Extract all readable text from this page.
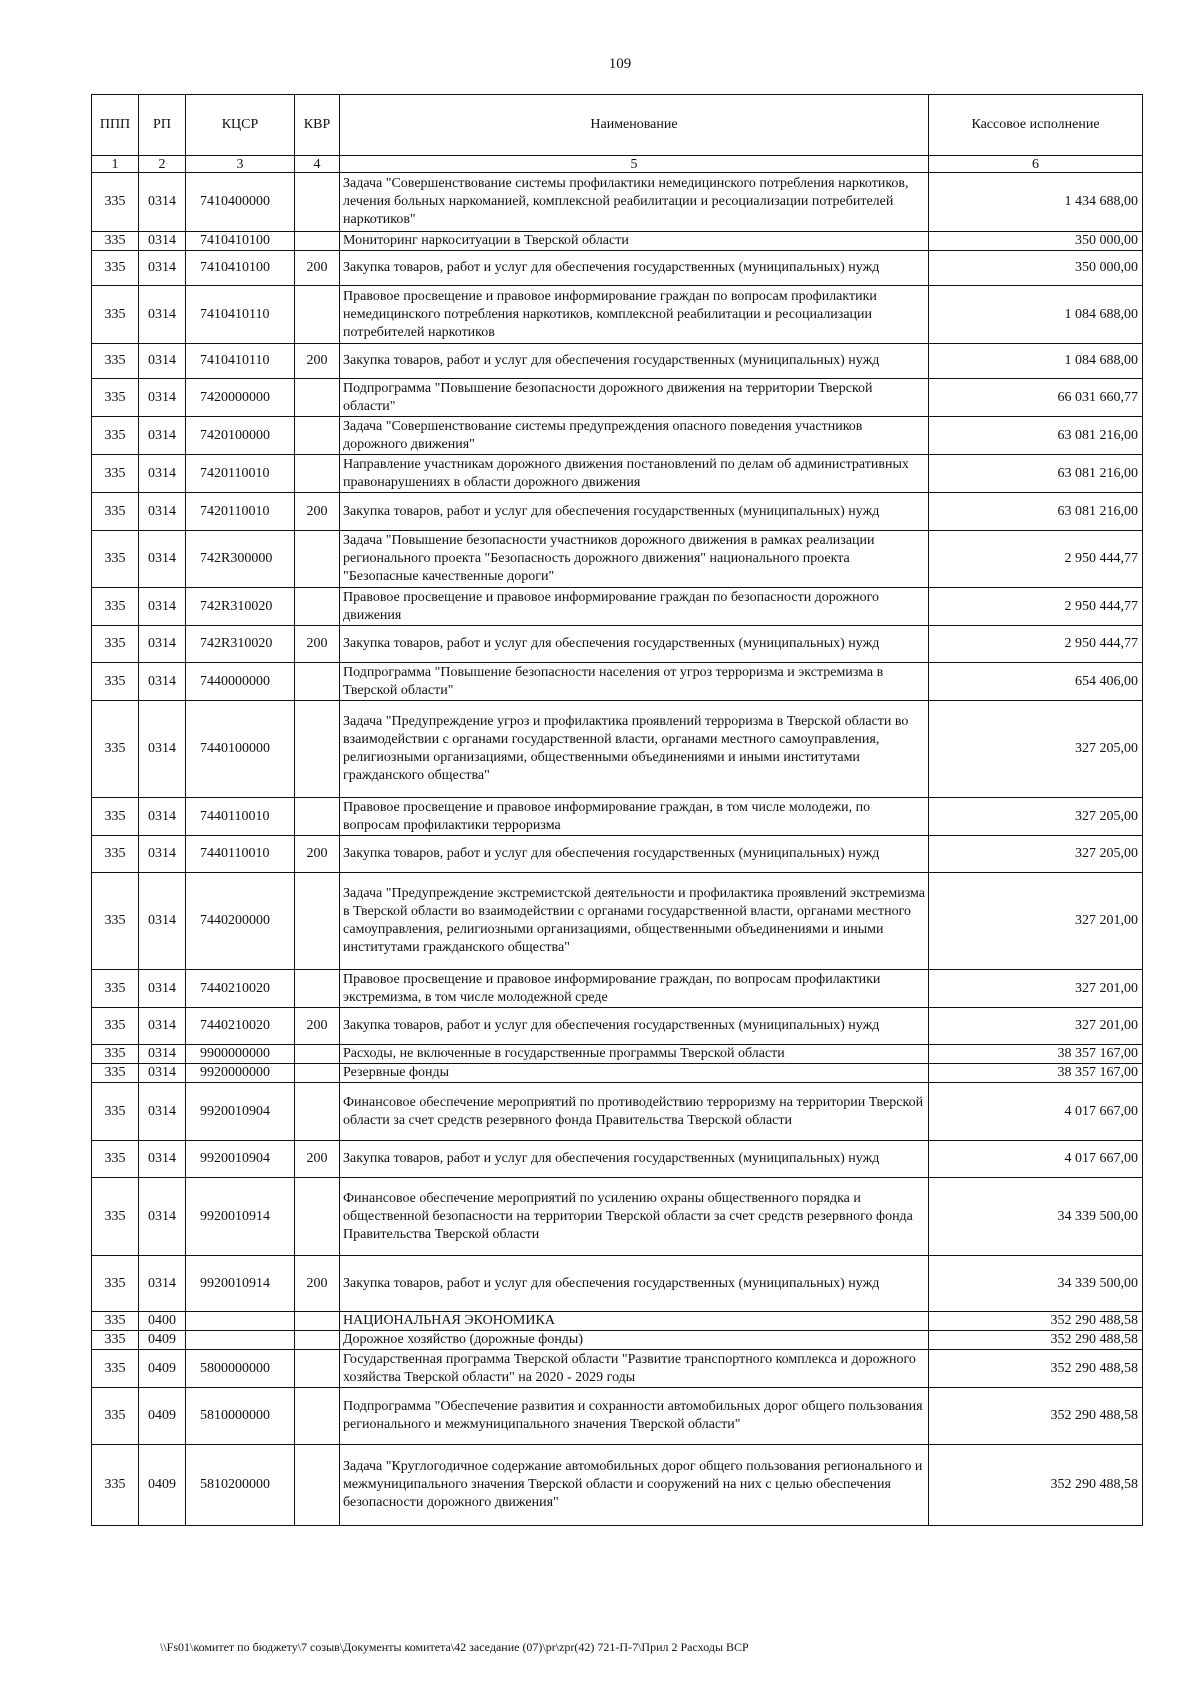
109
ППП	РП	КЦСР	КВР	Наименование	Кассовое исполнение
1	2	3	4	5	6
335	0314	7410400000		Задача "Совершенствование системы профилактики немедицинского потребления наркотиков, лечения больных наркоманией, комплексной реабилитации и ресоциализации потребителей наркотиков"	1 434 688,00
335	0314	7410410100		Мониторинг наркоситуации в Тверской области	350 000,00
335	0314	7410410100	200	Закупка товаров, работ и услуг для обеспечения государственных (муниципальных) нужд	350 000,00
335	0314	7410410110		Правовое просвещение и правовое информирование граждан по вопросам профилактики немедицинского потребления наркотиков, комплексной реабилитации и ресоциализации потребителей наркотиков	1 084 688,00
335	0314	7410410110	200	Закупка товаров, работ и услуг для обеспечения государственных (муниципальных) нужд	1 084 688,00
335	0314	7420000000		Подпрограмма "Повышение безопасности дорожного движения на территории Тверской области"	66 031 660,77
335	0314	7420100000		Задача "Совершенствование системы предупреждения опасного поведения участников дорожного движения"	63 081 216,00
335	0314	7420110010		Направление участникам дорожного движения постановлений по делам об административных правонарушениях в области дорожного движения	63 081 216,00
335	0314	7420110010	200	Закупка товаров, работ и услуг для обеспечения государственных (муниципальных) нужд	63 081 216,00
335	0314	742R300000		Задача "Повышение безопасности участников дорожного движения в рамках реализации регионального проекта "Безопасность дорожного движения" национального проекта "Безопасные качественные дороги"	2 950 444,77
335	0314	742R310020		Правовое просвещение и правовое информирование граждан по безопасности дорожного движения	2 950 444,77
335	0314	742R310020	200	Закупка товаров, работ и услуг для обеспечения государственных (муниципальных) нужд	2 950 444,77
335	0314	7440000000		Подпрограмма "Повышение безопасности населения от угроз терроризма и экстремизма в Тверской области"	654 406,00
335	0314	7440100000		Задача "Предупреждение угроз и профилактика проявлений терроризма в Тверской области во взаимодействии с органами государственной власти, органами местного самоуправления, религиозными организациями, общественными объединениями и иными институтами гражданского общества"	327 205,00
335	0314	7440110010		Правовое просвещение и правовое информирование граждан, в том числе молодежи, по вопросам профилактики терроризма	327 205,00
335	0314	7440110010	200	Закупка товаров, работ и услуг для обеспечения государственных (муниципальных) нужд	327 205,00
335	0314	7440200000		Задача "Предупреждение экстремистской деятельности и профилактика проявлений экстремизма в Тверской области во взаимодействии с органами государственной власти, органами местного самоуправления, религиозными организациями, общественными объединениями и иными институтами гражданского общества"	327 201,00
335	0314	7440210020		Правовое просвещение и правовое информирование граждан, по вопросам профилактики экстремизма, в том числе молодежной среде	327 201,00
335	0314	7440210020	200	Закупка товаров, работ и услуг для обеспечения государственных (муниципальных) нужд	327 201,00
335	0314	9900000000		Расходы, не включенные в государственные программы Тверской области	38 357 167,00
335	0314	9920000000		Резервные фонды	38 357 167,00
335	0314	9920010904		Финансовое обеспечение мероприятий по противодействию терроризму на территории Тверской области за счет средств резервного фонда Правительства Тверской области	4 017 667,00
335	0314	9920010904	200	Закупка товаров, работ и услуг для обеспечения государственных (муниципальных) нужд	4 017 667,00
335	0314	9920010914		Финансовое обеспечение мероприятий по усилению охраны общественного порядка и общественной безопасности на территории Тверской области за счет средств резервного фонда Правительства Тверской области	34 339 500,00
335	0314	9920010914	200	Закупка товаров, работ и услуг для обеспечения государственных (муниципальных) нужд	34 339 500,00
335	0400			НАЦИОНАЛЬНАЯ ЭКОНОМИКА	352 290 488,58
335	0409			Дорожное хозяйство (дорожные фонды)	352 290 488,58
335	0409	5800000000		Государственная программа Тверской области "Развитие транспортного комплекса и дорожного хозяйства Тверской области" на 2020 - 2029 годы	352 290 488,58
335	0409	5810000000		Подпрограмма "Обеспечение развития и сохранности автомобильных дорог общего пользования регионального и межмуниципального значения Тверской области"	352 290 488,58
335	0409	5810200000		Задача "Круглогодичное содержание автомобильных дорог общего пользования регионального и межмуниципального значения Тверской области и сооружений на них с целью обеспечения безопасности дорожного движения"	352 290 488,58
\\Fs01\комитет по бюджету\7 созыв\Документы комитета\42 заседание (07)\pr\zpr(42) 721-П-7\Прил 2 Расходы ВСР
